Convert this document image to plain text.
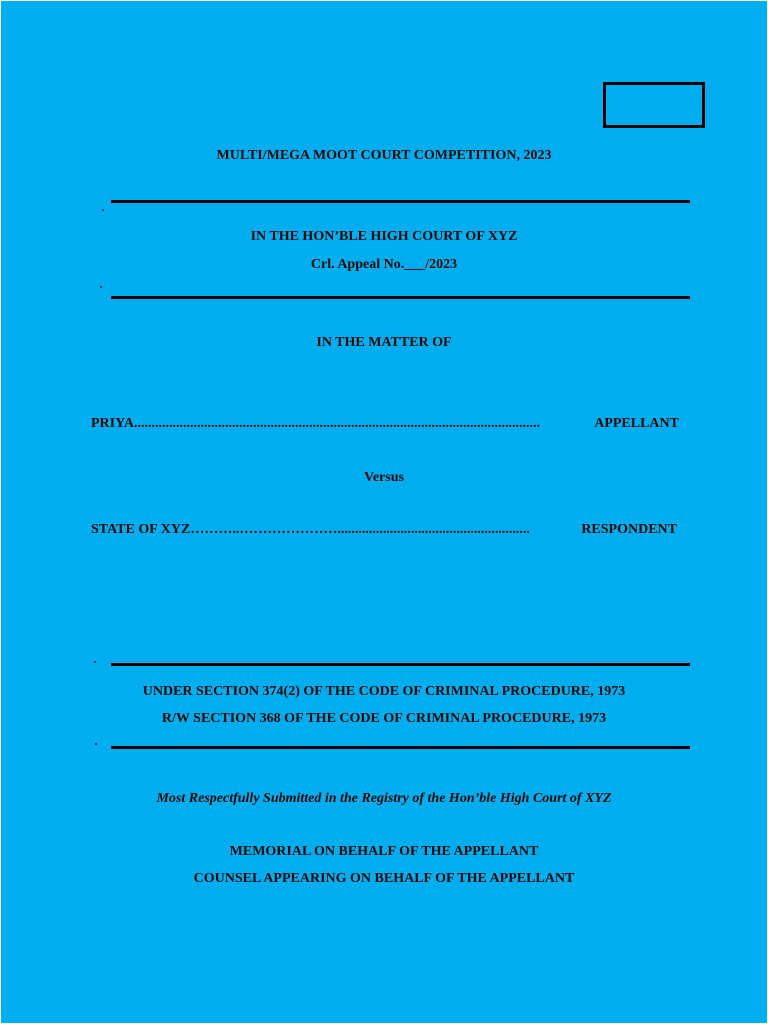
MULTI/MEGA MOOT COURT COMPETITION, 2023
IN THE HON’BLE HIGH COURT OF XYZ
Crl. Appeal No.___/2023
IN THE MATTER OF
PRIYA ....................................................................................................................	APPELLANT
Versus
STATE OF XYZ ………..………………….......................................................	RESPONDENT
UNDER SECTION 374(2) OF THE CODE OF CRIMINAL PROCEDURE, 1973
R/W SECTION 368 OF THE CODE OF CRIMINAL PROCEDURE, 1973
Most Respectfully Submitted in the Registry of the Hon’ble High Court of XYZ
MEMORIAL ON BEHALF OF THE APPELLANT
COUNSEL APPEARING ON BEHALF OF THE APPELLANT
